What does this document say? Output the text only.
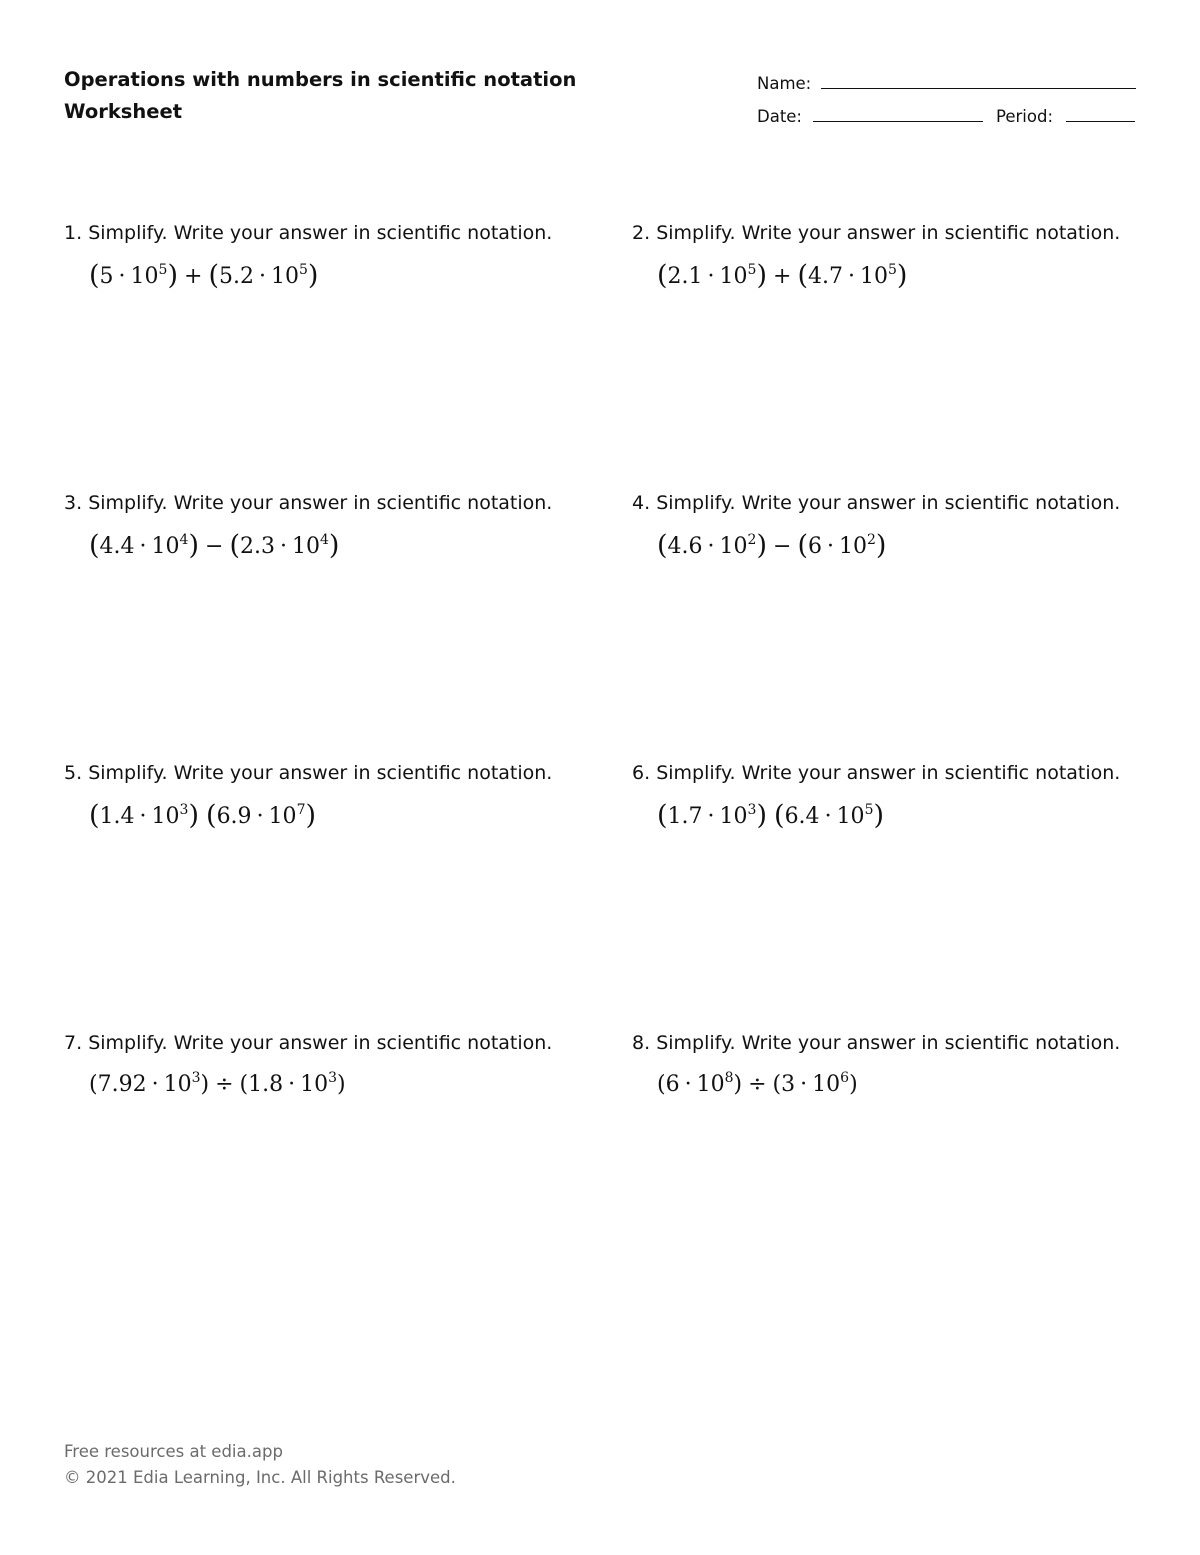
Operations with numbers in scientific notation
Worksheet
Name:
Date:	Period:
1. Simplify. Write your answer in scientific notation.
$(5 \cdot 10^5) + (5.2 \cdot 10^5)$
2. Simplify. Write your answer in scientific notation.
$(2.1 \cdot 10^5) + (4.7 \cdot 10^5)$
3. Simplify. Write your answer in scientific notation.
$(4.4 \cdot 10^4) - (2.3 \cdot 10^4)$
4. Simplify. Write your answer in scientific notation.
$(4.6 \cdot 10^2) - (6 \cdot 10^2)$
5. Simplify. Write your answer in scientific notation.
$(1.4 \cdot 10^3)$ $(6.9 \cdot 10^7)$
6. Simplify. Write your answer in scientific notation.
$(1.7 \cdot 10^3)$ $(6.4 \cdot 10^5)$
7. Simplify. Write your answer in scientific notation.
$(7.92 \cdot 10^3) \div (1.8 \cdot 10^3)$
8. Simplify. Write your answer in scientific notation.
$(6 \cdot 10^8) \div (3 \cdot 10^6)$
Free resources at edia.app
© 2021 Edia Learning, Inc. All Rights Reserved.
